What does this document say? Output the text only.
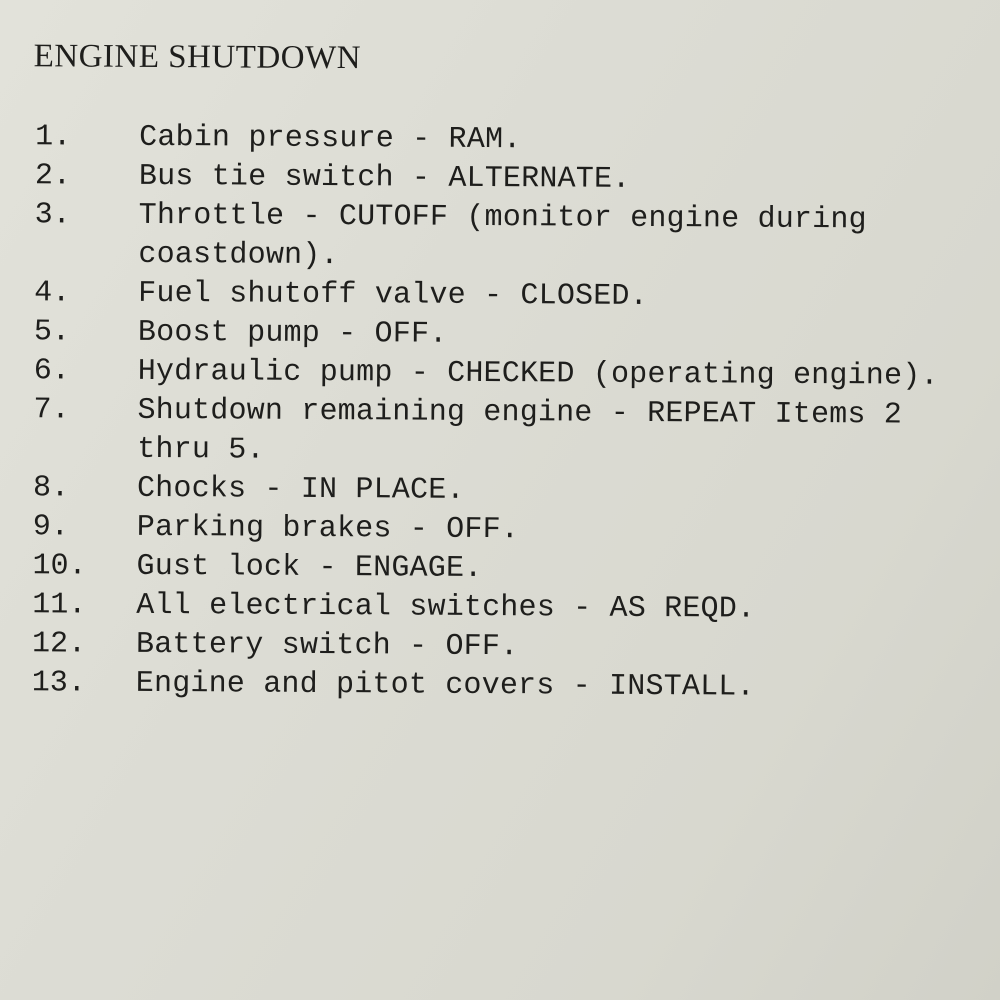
ENGINE SHUTDOWN
1. Cabin pressure - RAM.
2. Bus tie switch - ALTERNATE.
3. Throttle - CUTOFF (monitor engine during coastdown).
4. Fuel shutoff valve - CLOSED.
5. Boost pump - OFF.
6. Hydraulic pump - CHECKED (operating engine).
7. Shutdown remaining engine - REPEAT Items 2 thru 5.
8. Chocks - IN PLACE.
9. Parking brakes - OFF.
10. Gust lock - ENGAGE.
11. All electrical switches - AS REQD.
12. Battery switch - OFF.
13. Engine and pitot covers - INSTALL.
